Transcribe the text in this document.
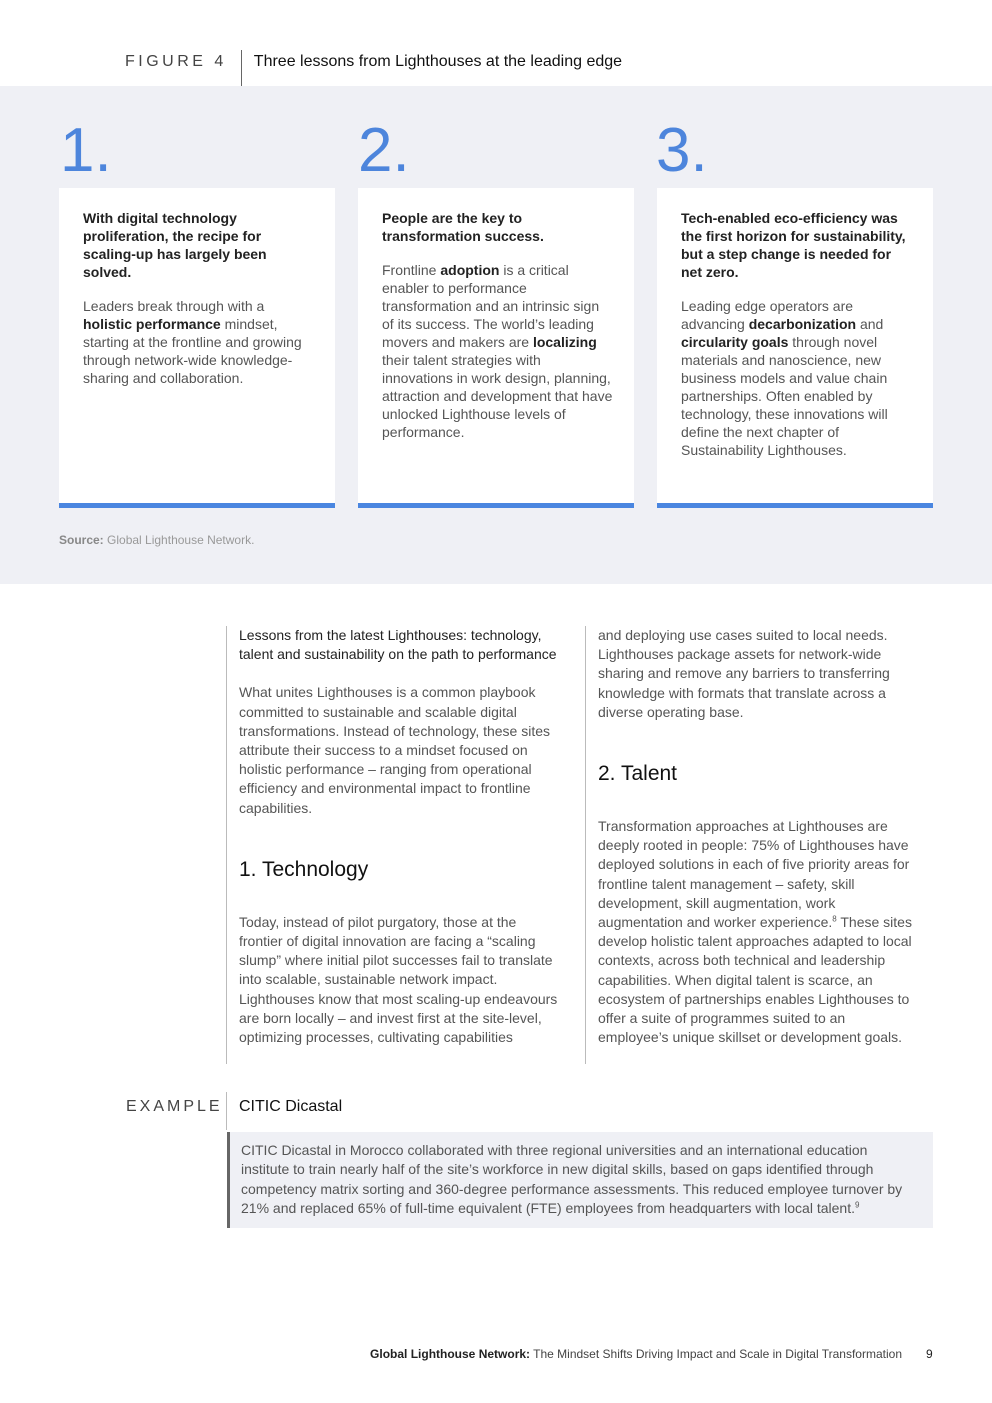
FIGURE 4 Three lessons from Lighthouses at the leading edge
1.	2.	3.
With digital technology proliferation, the recipe for scaling-up has largely been solved.
Leaders break through with a holistic performance mindset, starting at the frontline and growing through network-wide knowledge-sharing and collaboration.
People are the key to transformation success.
Frontline adoption is a critical enabler to performance transformation and an intrinsic sign of its success. The world’s leading movers and makers are localizing their talent strategies with innovations in work design, planning, attraction and development that have unlocked Lighthouse levels of performance.
Tech-enabled eco-efficiency was the first horizon for sustainability, but a step change is needed for net zero.
Leading edge operators are advancing decarbonization and circularity goals through novel materials and nanoscience, new business models and value chain partnerships. Often enabled by technology, these innovations will define the next chapter of Sustainability Lighthouses.
Source: Global Lighthouse Network.

Lessons from the latest Lighthouses: technology, talent and sustainability on the path to performance

What unites Lighthouses is a common playbook committed to sustainable and scalable digital transformations. Instead of technology, these sites attribute their success to a mindset focused on holistic performance – ranging from operational efficiency and environmental impact to frontline capabilities.

1. Technology

Today, instead of pilot purgatory, those at the frontier of digital innovation are facing a “scaling slump” where initial pilot successes fail to translate into scalable, sustainable network impact. Lighthouses know that most scaling-up endeavours are born locally – and invest first at the site-level, optimizing processes, cultivating capabilities

and deploying use cases suited to local needs. Lighthouses package assets for network-wide sharing and remove any barriers to transferring knowledge with formats that translate across a diverse operating base.

2. Talent

Transformation approaches at Lighthouses are deeply rooted in people: 75% of Lighthouses have deployed solutions in each of five priority areas for frontline talent management – safety, skill development, skill augmentation, work augmentation and worker experience.$^8$ These sites develop holistic talent approaches adapted to local contexts, across both technical and leadership capabilities. When digital talent is scarce, an ecosystem of partnerships enables Lighthouses to offer a suite of programmes suited to an employee’s unique skillset or development goals.

EXAMPLE CITIC Dicastal
CITIC Dicastal in Morocco collaborated with three regional universities and an international education institute to train nearly half of the site’s workforce in new digital skills, based on gaps identified through competency matrix sorting and 360-degree performance assessments. This reduced employee turnover by 21% and replaced 65% of full-time equivalent (FTE) employees from headquarters with local talent.$^9$
Global Lighthouse Network: The Mindset Shifts Driving Impact and Scale in Digital Transformation 9
